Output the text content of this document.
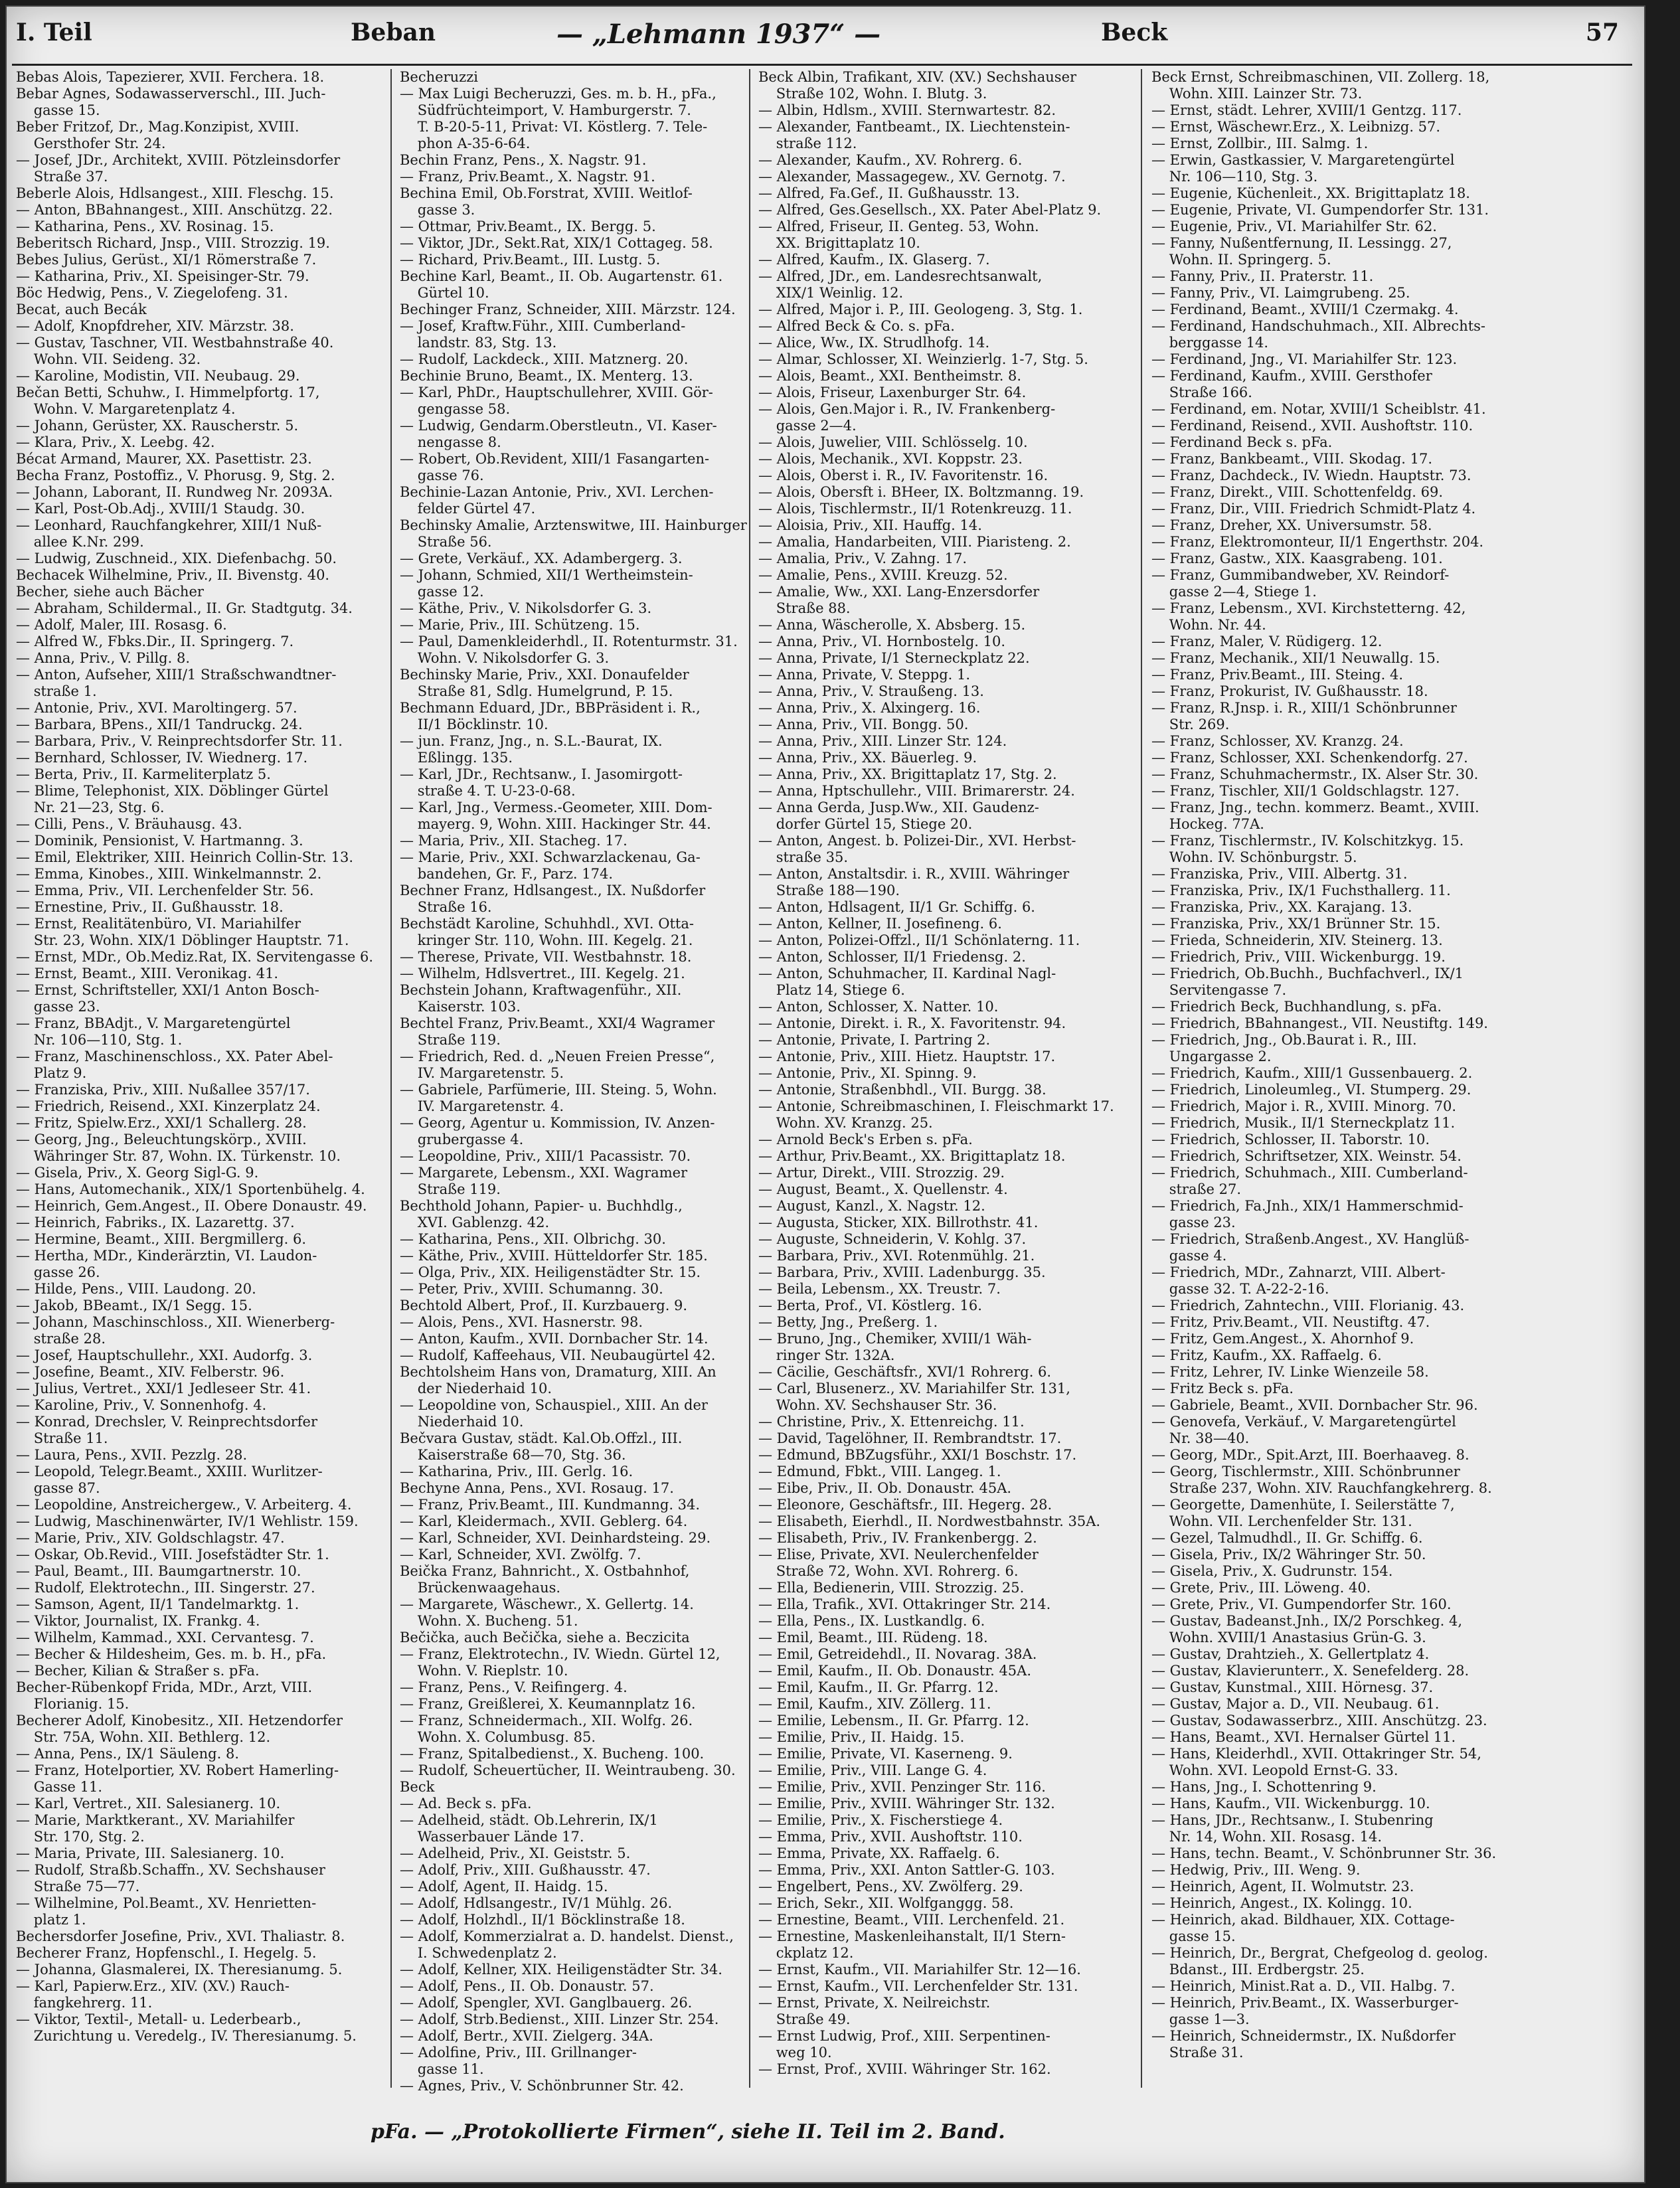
I. Teil	Beban	— „Lehmann 1937“ —	Beck	57
Bebas Alois, Tapezierer, XVII. Ferchera. 18.
Bebar Agnes, Sodawasserverschl., III. Juch-
gasse 15.
Beber Fritzof, Dr., Mag.Konzipist, XVIII.
Gersthofer Str. 24.
— Josef, JDr., Architekt, XVIII. Pötzleinsdorfer
Straße 37.
Beberle Alois, Hdlsangest., XIII. Fleschg. 15.
— Anton, BBahnangest., XIII. Anschützg. 22.
— Katharina, Pens., XV. Rosinag. 15.
Beberitsch Richard, Jnsp., VIII. Strozzig. 19.
Bebes Julius, Gerüst., XI/1 Römerstraße 7.
— Katharina, Priv., XI. Speisinger-Str. 79.
Böc Hedwig, Pens., V. Ziegelofeng. 31.
Becat, auch Becák
— Adolf, Knopfdreher, XIV. Märzstr. 38.
— Gustav, Taschner, VII. Westbahnstraße 40.
Wohn. VII. Seideng. 32.
— Karoline, Modistin, VII. Neubaug. 29.
Bečan Betti, Schuhw., I. Himmelpfortg. 17,
Wohn. V. Margaretenplatz 4.
— Johann, Gerüster, XX. Rauscherstr. 5.
— Klara, Priv., X. Leebg. 42.
Bécat Armand, Maurer, XX. Pasettistr. 23.
Becha Franz, Postoffiz., V. Phorusg. 9, Stg. 2.
— Johann, Laborant, II. Rundweg Nr. 2093A.
— Karl, Post-Ob.Adj., XVIII/1 Staudg. 30.
— Leonhard, Rauchfangkehrer, XIII/1 Nuß-
allee K.Nr. 299.
— Ludwig, Zuschneid., XIX. Diefenbachg. 50.
Bechacek Wilhelmine, Priv., II. Bivenstg. 40.
Becher, siehe auch Bächer
— Abraham, Schildermal., II. Gr. Stadtgutg. 34.
— Adolf, Maler, III. Rosasg. 6.
— Alfred W., Fbks.Dir., II. Springerg. 7.
— Anna, Priv., V. Pillg. 8.
— Anton, Aufseher, XIII/1 Straßschwandtner-
straße 1.
— Antonie, Priv., XVI. Maroltingerg. 57.
— Barbara, BPens., XII/1 Tandruckg. 24.
— Barbara, Priv., V. Reinprechtsdorfer Str. 11.
— Bernhard, Schlosser, IV. Wiednerg. 17.
— Berta, Priv., II. Karmeliterplatz 5.
— Blime, Telephonist, XIX. Döblinger Gürtel
Nr. 21—23, Stg. 6.
— Cilli, Pens., V. Bräuhausg. 43.
— Dominik, Pensionist, V. Hartmanng. 3.
— Emil, Elektriker, XIII. Heinrich Collin-Str. 13.
— Emma, Kinobes., XIII. Winkelmannstr. 2.
— Emma, Priv., VII. Lerchenfelder Str. 56.
— Ernestine, Priv., II. Gußhausstr. 18.
— Ernst, Realitätenbüro, VI. Mariahilfer
Str. 23, Wohn. XIX/1 Döblinger Hauptstr. 71.
— Ernst, MDr., Ob.Mediz.Rat, IX. Servitengasse 6.
— Ernst, Beamt., XIII. Veronikag. 41.
— Ernst, Schriftsteller, XXI/1 Anton Bosch-
gasse 23.
— Franz, BBAdjt., V. Margaretengürtel
Nr. 106—110, Stg. 1.
— Franz, Maschinenschloss., XX. Pater Abel-
Platz 9.
— Franziska, Priv., XIII. Nußallee 357/17.
— Friedrich, Reisend., XXI. Kinzerplatz 24.
— Fritz, Spielw.Erz., XXI/1 Schallerg. 28.
— Georg, Jng., Beleuchtungskörp., XVIII.
Währinger Str. 87, Wohn. IX. Türkenstr. 10.
— Gisela, Priv., X. Georg Sigl-G. 9.
— Hans, Automechanik., XIX/1 Sportenbühelg. 4.
— Heinrich, Gem.Angest., II. Obere Donaustr. 49.
— Heinrich, Fabriks., IX. Lazarettg. 37.
— Hermine, Beamt., XIII. Bergmillerg. 6.
— Hertha, MDr., Kinderärztin, VI. Laudon-
gasse 26.
— Hilde, Pens., VIII. Laudong. 20.
— Jakob, BBeamt., IX/1 Segg. 15.
— Johann, Maschinschloss., XII. Wienerberg-
straße 28.
— Josef, Hauptschullehr., XXI. Audorfg. 3.
— Josefine, Beamt., XIV. Felberstr. 96.
— Julius, Vertret., XXI/1 Jedleseer Str. 41.
— Karoline, Priv., V. Sonnenhofg. 4.
— Konrad, Drechsler, V. Reinprechtsdorfer
Straße 11.
— Laura, Pens., XVII. Pezzlg. 28.
— Leopold, Telegr.Beamt., XXIII. Wurlitzer-
gasse 87.
— Leopoldine, Anstreichergew., V. Arbeiterg. 4.
— Ludwig, Maschinenwärter, IV/1 Wehlistr. 159.
— Marie, Priv., XIV. Goldschlagstr. 47.
— Oskar, Ob.Revid., VIII. Josefstädter Str. 1.
— Paul, Beamt., III. Baumgartnerstr. 10.
— Rudolf, Elektrotechn., III. Singerstr. 27.
— Samson, Agent, II/1 Tandelmarktg. 1.
— Viktor, Journalist, IX. Frankg. 4.
— Wilhelm, Kammad., XXI. Cervantesg. 7.
— Becher & Hildesheim, Ges. m. b. H., pFa.
— Becher, Kilian & Straßer s. pFa.
Becher-Rübenkopf Frida, MDr., Arzt, VIII.
Florianig. 15.
Becherer Adolf, Kinobesitz., XII. Hetzendorfer
Str. 75A, Wohn. XII. Bethlerg. 12.
— Anna, Pens., IX/1 Säuleng. 8.
— Franz, Hotelportier, XV. Robert Hamerling-
Gasse 11.
— Karl, Vertret., XII. Salesianerg. 10.
— Marie, Marktkerant., XV. Mariahilfer
Str. 170, Stg. 2.
— Maria, Private, III. Salesianerg. 10.
— Rudolf, Straßb.Schaffn., XV. Sechshauser
Straße 75—77.
— Wilhelmine, Pol.Beamt., XV. Henrietten-
platz 1.
Bechersdorfer Josefine, Priv., XVI. Thaliastr. 8.
Becherer Franz, Hopfenschl., I. Hegelg. 5.
— Johanna, Glasmalerei, IX. Theresianumg. 5.
— Karl, Papierw.Erz., XIV. (XV.) Rauch-
fangkehrerg. 11.
— Viktor, Textil-, Metall- u. Lederbearb.,
Zurichtung u. Veredelg., IV. Theresianumg. 5.
Becheruzzi
— Max Luigi Becheruzzi, Ges. m. b. H., pFa.,
Südfrüchteimport, V. Hamburgerstr. 7.
T. B-20-5-11, Privat: VI. Köstlerg. 7. Tele-
phon A-35-6-64.
Bechin Franz, Pens., X. Nagstr. 91.
— Franz, Priv.Beamt., X. Nagstr. 91.
Bechina Emil, Ob.Forstrat, XVIII. Weitlof-
gasse 3.
— Ottmar, Priv.Beamt., IX. Bergg. 5.
— Viktor, JDr., Sekt.Rat, XIX/1 Cottageg. 58.
— Richard, Priv.Beamt., III. Lustg. 5.
Bechine Karl, Beamt., II. Ob. Augartenstr. 61.
Gürtel 10.
Bechinger Franz, Schneider, XIII. Märzstr. 124.
— Josef, Kraftw.Führ., XIII. Cumberland-
landstr. 83, Stg. 13.
— Rudolf, Lackdeck., XIII. Matznerg. 20.
Bechinie Bruno, Beamt., IX. Menterg. 13.
— Karl, PhDr., Hauptschullehrer, XVIII. Gör-
gengasse 58.
— Ludwig, Gendarm.Oberstleutn., VI. Kaser-
nengasse 8.
— Robert, Ob.Revident, XIII/1 Fasangarten-
gasse 76.
Bechinie-Lazan Antonie, Priv., XVI. Lerchen-
felder Gürtel 47.
Bechinsky Amalie, Arztenswitwe, III. Hainburger
Straße 56.
— Grete, Verkäuf., XX. Adambergerg. 3.
— Johann, Schmied, XII/1 Wertheimstein-
gasse 12.
— Käthe, Priv., V. Nikolsdorfer G. 3.
— Marie, Priv., III. Schützeng. 15.
— Paul, Damenkleiderhdl., II. Rotenturmstr. 31.
Wohn. V. Nikolsdorfer G. 3.
Bechinsky Marie, Priv., XXI. Donaufelder
Straße 81, Sdlg. Humelgrund, P. 15.
Bechmann Eduard, JDr., BBPräsident i. R.,
II/1 Böcklinstr. 10.
— jun. Franz, Jng., n. S.L.-Baurat, IX.
Eßlingg. 135.
— Karl, JDr., Rechtsanw., I. Jasomirgott-
straße 4. T. U-23-0-68.
— Karl, Jng., Vermess.-Geometer, XIII. Dom-
mayerg. 9, Wohn. XIII. Hackinger Str. 44.
— Maria, Priv., XII. Stacheg. 17.
— Marie, Priv., XXI. Schwarzlackenau, Ga-
bandehen, Gr. F., Parz. 174.
Bechner Franz, Hdlsangest., IX. Nußdorfer
Straße 16.
Bechstädt Karoline, Schuhhdl., XVI. Otta-
kringer Str. 110, Wohn. III. Kegelg. 21.
— Therese, Private, VII. Westbahnstr. 18.
— Wilhelm, Hdlsvertret., III. Kegelg. 21.
Bechstein Johann, Kraftwagenführ., XII.
Kaiserstr. 103.
Bechtel Franz, Priv.Beamt., XXI/4 Wagramer
Straße 119.
— Friedrich, Red. d. „Neuen Freien Presse“,
IV. Margaretenstr. 5.
— Gabriele, Parfümerie, III. Steing. 5, Wohn.
IV. Margaretenstr. 4.
— Georg, Agentur u. Kommission, IV. Anzen-
grubergasse 4.
— Leopoldine, Priv., XIII/1 Pacassistr. 70.
— Margarete, Lebensm., XXI. Wagramer
Straße 119.
Bechthold Johann, Papier- u. Buchhdlg.,
XVI. Gablenzg. 42.
— Katharina, Pens., XII. Olbrichg. 30.
— Käthe, Priv., XVIII. Hütteldorfer Str. 185.
— Olga, Priv., XIX. Heiligenstädter Str. 15.
— Peter, Priv., XVIII. Schumanng. 30.
Bechtold Albert, Prof., II. Kurzbauerg. 9.
— Alois, Pens., XVI. Hasnerstr. 98.
— Anton, Kaufm., XVII. Dornbacher Str. 14.
— Rudolf, Kaffeehaus, VII. Neubaugürtel 42.
Bechtolsheim Hans von, Dramaturg, XIII. An
der Niederhaid 10.
— Leopoldine von, Schauspiel., XIII. An der
Niederhaid 10.
Bečvara Gustav, städt. Kal.Ob.Offzl., III.
Kaiserstraße 68—70, Stg. 36.
— Katharina, Priv., III. Gerlg. 16.
Bechyne Anna, Pens., XVI. Rosaug. 17.
— Franz, Priv.Beamt., III. Kundmanng. 34.
— Karl, Kleidermach., XVII. Geblerg. 64.
— Karl, Schneider, XVI. Deinhardsteing. 29.
— Karl, Schneider, XVI. Zwölfg. 7.
Beička Franz, Bahnricht., X. Ostbahnhof,
Brückenwaagehaus.
— Margarete, Wäschewr., X. Gellertg. 14.
Wohn. X. Bucheng. 51.
Bečička, auch Bečička, siehe a. Beczicita
— Franz, Elektrotechn., IV. Wiedn. Gürtel 12,
Wohn. V. Rieplstr. 10.
— Franz, Pens., V. Reifingerg. 4.
— Franz, Greißlerei, X. Keumannplatz 16.
— Franz, Schneidermach., XII. Wolfg. 26.
Wohn. X. Columbusg. 85.
— Franz, Spitalbedienst., X. Bucheng. 100.
— Rudolf, Scheuertücher, II. Weintraubeng. 30.
Beck
— Ad. Beck s. pFa.
— Adelheid, städt. Ob.Lehrerin, IX/1
Wasserbauer Lände 17.
— Adelheid, Priv., XI. Geiststr. 5.
— Adolf, Priv., XIII. Gußhausstr. 47.
— Adolf, Agent, II. Haidg. 15.
— Adolf, Hdlsangestr., IV/1 Mühlg. 26.
— Adolf, Holzhdl., II/1 Böcklinstraße 18.
— Adolf, Kommerzialrat a. D. handelst. Dienst.,
I. Schwedenplatz 2.
— Adolf, Kellner, XIX. Heiligenstädter Str. 34.
— Adolf, Pens., II. Ob. Donaustr. 57.
— Adolf, Spengler, XVI. Ganglbauerg. 26.
— Adolf, Strb.Bedienst., XIII. Linzer Str. 254.
— Adolf, Bertr., XVII. Zielgerg. 34A.
— Adolfine, Priv., III. Grillnanger-
gasse 11.
— Agnes, Priv., V. Schönbrunner Str. 42.
Beck Albin, Trafikant, XIV. (XV.) Sechshauser
Straße 102, Wohn. I. Blutg. 3.
— Albin, Hdlsm., XVIII. Sternwartestr. 82.
— Alexander, Fantbeamt., IX. Liechtenstein-
straße 112.
— Alexander, Kaufm., XV. Rohrerg. 6.
— Alexander, Massagegew., XV. Gernotg. 7.
— Alfred, Fa.Gef., II. Gußhausstr. 13.
— Alfred, Ges.Gesellsch., XX. Pater Abel-Platz 9.
— Alfred, Friseur, II. Genteg. 53, Wohn.
XX. Brigittaplatz 10.
— Alfred, Kaufm., IX. Glaserg. 7.
— Alfred, JDr., em. Landesrechtsanwalt,
XIX/1 Weinlig. 12.
— Alfred, Major i. P., III. Geologeng. 3, Stg. 1.
— Alfred Beck & Co. s. pFa.
— Alice, Ww., IX. Strudlhofg. 14.
— Almar, Schlosser, XI. Weinzierlg. 1-7, Stg. 5.
— Alois, Beamt., XXI. Bentheimstr. 8.
— Alois, Friseur, Laxenburger Str. 64.
— Alois, Gen.Major i. R., IV. Frankenberg-
gasse 2—4.
— Alois, Juwelier, VIII. Schlösselg. 10.
— Alois, Mechanik., XVI. Koppstr. 23.
— Alois, Oberst i. R., IV. Favoritenstr. 16.
— Alois, Obersft i. BHeer, IX. Boltzmanng. 19.
— Alois, Tischlermstr., II/1 Rotenkreuzg. 11.
— Aloisia, Priv., XII. Hauffg. 14.
— Amalia, Handarbeiten, VIII. Piaristeng. 2.
— Amalia, Priv., V. Zahng. 17.
— Amalie, Pens., XVIII. Kreuzg. 52.
— Amalie, Ww., XXI. Lang-Enzersdorfer
Straße 88.
— Anna, Wäscherolle, X. Absberg. 15.
— Anna, Priv., VI. Hornbostelg. 10.
— Anna, Private, I/1 Sterneckplatz 22.
— Anna, Private, V. Steppg. 1.
— Anna, Priv., V. Straußeng. 13.
— Anna, Priv., X. Alxingerg. 16.
— Anna, Priv., VII. Bongg. 50.
— Anna, Priv., XIII. Linzer Str. 124.
— Anna, Priv., XX. Bäuerleg. 9.
— Anna, Priv., XX. Brigittaplatz 17, Stg. 2.
— Anna, Hptschullehr., VIII. Brimarerstr. 24.
— Anna Gerda, Jusp.Ww., XII. Gaudenz-
dorfer Gürtel 15, Stiege 20.
— Anton, Angest. b. Polizei-Dir., XVI. Herbst-
straße 35.
— Anton, Anstaltsdir. i. R., XVIII. Währinger
Straße 188—190.
— Anton, Hdlsagent, II/1 Gr. Schiffg. 6.
— Anton, Kellner, II. Josefineng. 6.
— Anton, Polizei-Offzl., II/1 Schönlaterng. 11.
— Anton, Schlosser, II/1 Friedensg. 2.
— Anton, Schuhmacher, II. Kardinal Nagl-
Platz 14, Stiege 6.
— Anton, Schlosser, X. Natter. 10.
— Antonie, Direkt. i. R., X. Favoritenstr. 94.
— Antonie, Private, I. Partring 2.
— Antonie, Priv., XIII. Hietz. Hauptstr. 17.
— Antonie, Priv., XI. Spinng. 9.
— Antonie, Straßenbhdl., VII. Burgg. 38.
— Antonie, Schreibmaschinen, I. Fleischmarkt 17.
Wohn. XV. Kranzg. 25.
— Arnold Beck's Erben s. pFa.
— Arthur, Priv.Beamt., XX. Brigittaplatz 18.
— Artur, Direkt., VIII. Strozzig. 29.
— August, Beamt., X. Quellenstr. 4.
— August, Kanzl., X. Nagstr. 12.
— Augusta, Sticker, XIX. Billrothstr. 41.
— Auguste, Schneiderin, V. Kohlg. 37.
— Barbara, Priv., XVI. Rotenmühlg. 21.
— Barbara, Priv., XVIII. Ladenburgg. 35.
— Beila, Lebensm., XX. Treustr. 7.
— Berta, Prof., VI. Köstlerg. 16.
— Betty, Jng., Preßerg. 1.
— Bruno, Jng., Chemiker, XVIII/1 Wäh-
ringer Str. 132A.
— Cäcilie, Geschäftsfr., XVI/1 Rohrerg. 6.
— Carl, Blusenerz., XV. Mariahilfer Str. 131,
Wohn. XV. Sechshauser Str. 36.
— Christine, Priv., X. Ettenreichg. 11.
— David, Tagelöhner, II. Rembrandtstr. 17.
— Edmund, BBZugsführ., XXI/1 Boschstr. 17.
— Edmund, Fbkt., VIII. Langeg. 1.
— Eibe, Priv., II. Ob. Donaustr. 45A.
— Eleonore, Geschäftsfr., III. Hegerg. 28.
— Elisabeth, Eierhdl., II. Nordwestbahnstr. 35A.
— Elisabeth, Priv., IV. Frankenbergg. 2.
— Elise, Private, XVI. Neulerchenfelder
Straße 72, Wohn. XVI. Rohrerg. 6.
— Ella, Bedienerin, VIII. Strozzig. 25.
— Ella, Trafik., XVI. Ottakringer Str. 214.
— Ella, Pens., IX. Lustkandlg. 6.
— Emil, Beamt., III. Rüdeng. 18.
— Emil, Getreidehdl., II. Novarag. 38A.
— Emil, Kaufm., II. Ob. Donaustr. 45A.
— Emil, Kaufm., II. Gr. Pfarrg. 12.
— Emil, Kaufm., XIV. Zöllerg. 11.
— Emilie, Lebensm., II. Gr. Pfarrg. 12.
— Emilie, Priv., II. Haidg. 15.
— Emilie, Private, VI. Kaserneng. 9.
— Emilie, Priv., VIII. Lange G. 4.
— Emilie, Priv., XVII. Penzinger Str. 116.
— Emilie, Priv., XVIII. Währinger Str. 132.
— Emilie, Priv., X. Fischerstiege 4.
— Emma, Priv., XVII. Aushoftstr. 110.
— Emma, Private, XX. Raffaelg. 6.
— Emma, Priv., XXI. Anton Sattler-G. 103.
— Engelbert, Pens., XV. Zwölferg. 29.
— Erich, Sekr., XII. Wolfganggg. 58.
— Ernestine, Beamt., VIII. Lerchenfeld. 21.
— Ernestine, Maskenleihanstalt, II/1 Stern-
ckplatz 12.
— Ernst, Kaufm., VII. Mariahilfer Str. 12—16.
— Ernst, Kaufm., VII. Lerchenfelder Str. 131.
— Ernst, Private, X. Neilreichstr.
Straße 49.
— Ernst Ludwig, Prof., XIII. Serpentinen-
weg 10.
— Ernst, Prof., XVIII. Währinger Str. 162.
Beck Ernst, Schreibmaschinen, VII. Zollerg. 18,
Wohn. XIII. Lainzer Str. 73.
— Ernst, städt. Lehrer, XVIII/1 Gentzg. 117.
— Ernst, Wäschewr.Erz., X. Leibnizg. 57.
— Ernst, Zollbir., III. Salmg. 1.
— Erwin, Gastkassier, V. Margaretengürtel
Nr. 106—110, Stg. 3.
— Eugenie, Küchenleit., XX. Brigittaplatz 18.
— Eugenie, Private, VI. Gumpendorfer Str. 131.
— Eugenie, Priv., VI. Mariahilfer Str. 62.
— Fanny, Nußentfernung, II. Lessingg. 27,
Wohn. II. Springerg. 5.
— Fanny, Priv., II. Praterstr. 11.
— Fanny, Priv., VI. Laimgrubeng. 25.
— Ferdinand, Beamt., XVIII/1 Czermakg. 4.
— Ferdinand, Handschuhmach., XII. Albrechts-
berggasse 14.
— Ferdinand, Jng., VI. Mariahilfer Str. 123.
— Ferdinand, Kaufm., XVIII. Gersthofer
Straße 166.
— Ferdinand, em. Notar, XVIII/1 Scheiblstr. 41.
— Ferdinand, Reisend., XVII. Aushoftstr. 110.
— Ferdinand Beck s. pFa.
— Franz, Bankbeamt., VIII. Skodag. 17.
— Franz, Dachdeck., IV. Wiedn. Hauptstr. 73.
— Franz, Direkt., VIII. Schottenfeldg. 69.
— Franz, Dir., VIII. Friedrich Schmidt-Platz 4.
— Franz, Dreher, XX. Universumstr. 58.
— Franz, Elektromonteur, II/1 Engerthstr. 204.
— Franz, Gastw., XIX. Kaasgrabeng. 101.
— Franz, Gummibandweber, XV. Reindorf-
gasse 2—4, Stiege 1.
— Franz, Lebensm., XVI. Kirchstetterng. 42,
Wohn. Nr. 44.
— Franz, Maler, V. Rüdigerg. 12.
— Franz, Mechanik., XII/1 Neuwallg. 15.
— Franz, Priv.Beamt., III. Steing. 4.
— Franz, Prokurist, IV. Gußhausstr. 18.
— Franz, R.Jnsp. i. R., XIII/1 Schönbrunner
Str. 269.
— Franz, Schlosser, XV. Kranzg. 24.
— Franz, Schlosser, XXI. Schenkendorfg. 27.
— Franz, Schuhmachermstr., IX. Alser Str. 30.
— Franz, Tischler, XII/1 Goldschlagstr. 127.
— Franz, Jng., techn. kommerz. Beamt., XVIII.
Hockeg. 77A.
— Franz, Tischlermstr., IV. Kolschitzkyg. 15.
Wohn. IV. Schönburgstr. 5.
— Franziska, Priv., VIII. Albertg. 31.
— Franziska, Priv., IX/1 Fuchsthallerg. 11.
— Franziska, Priv., XX. Karajang. 13.
— Franziska, Priv., XX/1 Brünner Str. 15.
— Frieda, Schneiderin, XIV. Steinerg. 13.
— Friedrich, Priv., VIII. Wickenburgg. 19.
— Friedrich, Ob.Buchh., Buchfachverl., IX/1
Servitengasse 7.
— Friedrich Beck, Buchhandlung, s. pFa.
— Friedrich, BBahnangest., VII. Neustiftg. 149.
— Friedrich, Jng., Ob.Baurat i. R., III.
Ungargasse 2.
— Friedrich, Kaufm., XIII/1 Gussenbauerg. 2.
— Friedrich, Linoleumleg., VI. Stumperg. 29.
— Friedrich, Major i. R., XVIII. Minorg. 70.
— Friedrich, Musik., II/1 Sterneckplatz 11.
— Friedrich, Schlosser, II. Taborstr. 10.
— Friedrich, Schriftsetzer, XIX. Weinstr. 54.
— Friedrich, Schuhmach., XIII. Cumberland-
straße 27.
— Friedrich, Fa.Jnh., XIX/1 Hammerschmid-
gasse 23.
— Friedrich, Straßenb.Angest., XV. Hanglüß-
gasse 4.
— Friedrich, MDr., Zahnarzt, VIII. Albert-
gasse 32. T. A-22-2-16.
— Friedrich, Zahntechn., VIII. Florianig. 43.
— Fritz, Priv.Beamt., VII. Neustiftg. 47.
— Fritz, Gem.Angest., X. Ahornhof 9.
— Fritz, Kaufm., XX. Raffaelg. 6.
— Fritz, Lehrer, IV. Linke Wienzeile 58.
— Fritz Beck s. pFa.
— Gabriele, Beamt., XVII. Dornbacher Str. 96.
— Genovefa, Verkäuf., V. Margaretengürtel
Nr. 38—40.
— Georg, MDr., Spit.Arzt, III. Boerhaaveg. 8.
— Georg, Tischlermstr., XIII. Schönbrunner
Straße 237, Wohn. XIV. Rauchfangkehrerg. 8.
— Georgette, Damenhüte, I. Seilerstätte 7,
Wohn. VII. Lerchenfelder Str. 131.
— Gezel, Talmudhdl., II. Gr. Schiffg. 6.
— Gisela, Priv., IX/2 Währinger Str. 50.
— Gisela, Priv., X. Gudrunstr. 154.
— Grete, Priv., III. Löweng. 40.
— Grete, Priv., VI. Gumpendorfer Str. 160.
— Gustav, Badeanst.Jnh., IX/2 Porschkeg. 4,
Wohn. XVIII/1 Anastasius Grün-G. 3.
— Gustav, Drahtzieh., X. Gellertplatz 4.
— Gustav, Klavierunterr., X. Senefelderg. 28.
— Gustav, Kunstmal., XIII. Hörnesg. 37.
— Gustav, Major a. D., VII. Neubaug. 61.
— Gustav, Sodawasserbrz., XIII. Anschützg. 23.
— Hans, Beamt., XVI. Hernalser Gürtel 11.
— Hans, Kleiderhdl., XVII. Ottakringer Str. 54,
Wohn. XVI. Leopold Ernst-G. 33.
— Hans, Jng., I. Schottenring 9.
— Hans, Kaufm., VII. Wickenburgg. 10.
— Hans, JDr., Rechtsanw., I. Stubenring
Nr. 14, Wohn. XII. Rosasg. 14.
— Hans, techn. Beamt., V. Schönbrunner Str. 36.
— Hedwig, Priv., III. Weng. 9.
— Heinrich, Agent, II. Wolmutstr. 23.
— Heinrich, Angest., IX. Kolingg. 10.
— Heinrich, akad. Bildhauer, XIX. Cottage-
gasse 15.
— Heinrich, Dr., Bergrat, Chefgeolog d. geolog.
Bdanst., III. Erdbergstr. 25.
— Heinrich, Minist.Rat a. D., VII. Halbg. 7.
— Heinrich, Priv.Beamt., IX. Wasserburger-
gasse 1—3.
— Heinrich, Schneidermstr., IX. Nußdorfer
Straße 31.
pFa. — „Protokollierte Firmen“, siehe II. Teil im 2. Band.
